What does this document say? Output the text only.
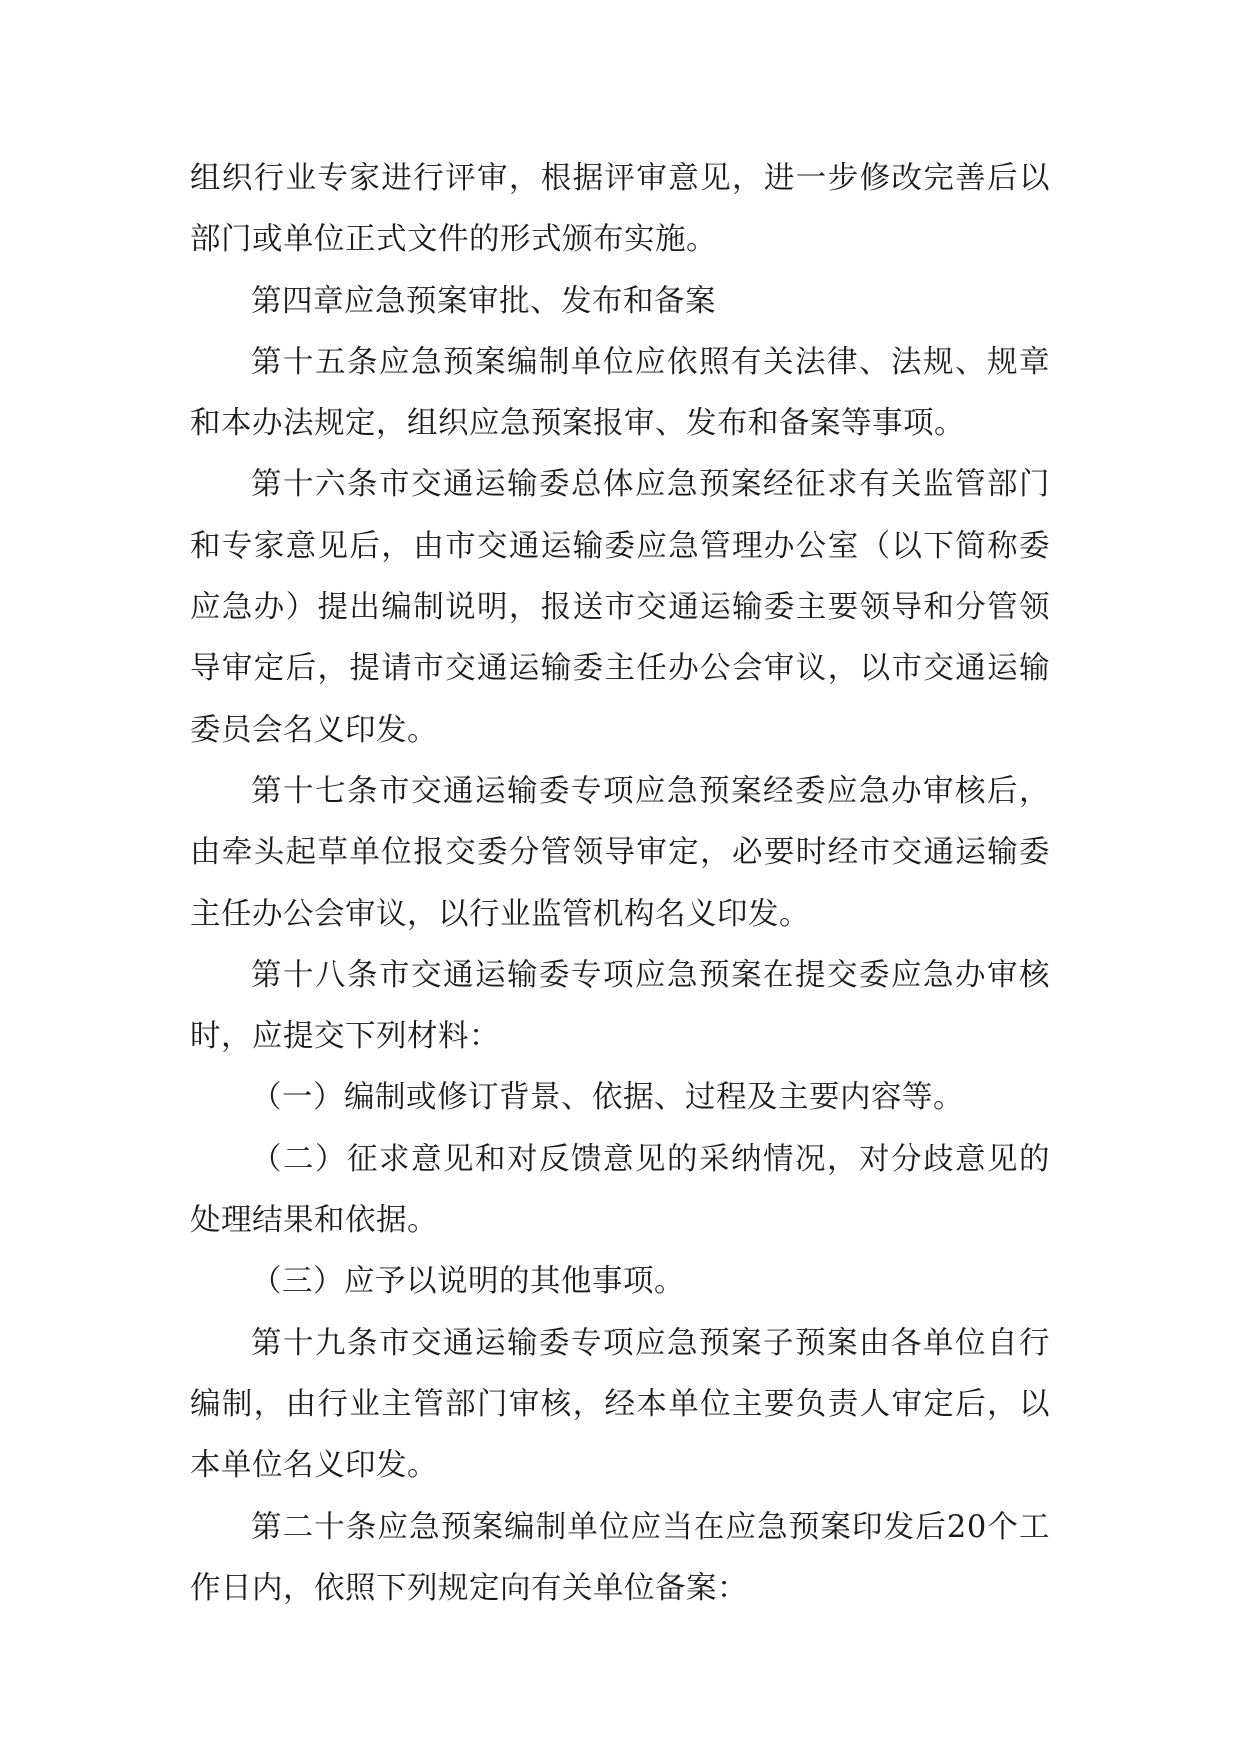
组织行业专家进行评审，根据评审意见，进一步修改完善后以部门或单位正式文件的形式颁布实施。

第四章应急预案审批、发布和备案

第十五条应急预案编制单位应依照有关法律、法规、规章和本办法规定，组织应急预案报审、发布和备案等事项。

第十六条市交通运输委总体应急预案经征求有关监管部门和专家意见后，由市交通运输委应急管理办公室（以下简称委应急办）提出编制说明，报送市交通运输委主要领导和分管领导审定后，提请市交通运输委主任办公会审议，以市交通运输委员会名义印发。

第十七条市交通运输委专项应急预案经委应急办审核后，由牵头起草单位报交委分管领导审定，必要时经市交通运输委主任办公会审议，以行业监管机构名义印发。

第十八条市交通运输委专项应急预案在提交委应急办审核时，应提交下列材料：

（一）编制或修订背景、依据、过程及主要内容等。

（二）征求意见和对反馈意见的采纳情况，对分歧意见的处理结果和依据。

（三）应予以说明的其他事项。

第十九条市交通运输委专项应急预案子预案由各单位自行编制，由行业主管部门审核，经本单位主要负责人审定后，以本单位名义印发。

第二十条应急预案编制单位应当在应急预案印发后20个工作日内，依照下列规定向有关单位备案：
